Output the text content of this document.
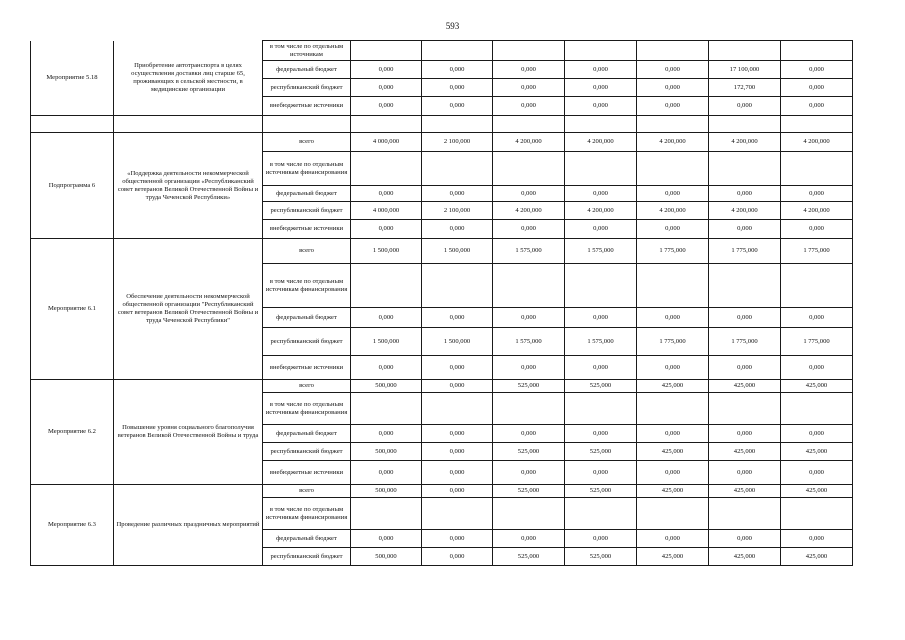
593
Мероприятие 5.18	Приобретение автотранспорта в целях осуществления доставки лиц старше 65, проживающих в сельской местности, в медицинские организации	в том числе по отдельным источникам							
		федеральный бюджет	0,000	0,000	0,000	0,000	0,000	17 100,000	0,000
		республиканский бюджет	0,000	0,000	0,000	0,000	0,000	172,700	0,000
		внебюджетные источники	0,000	0,000	0,000	0,000	0,000	0,000	0,000

Подпрограмма 6	«Поддержка деятельности некоммерческой общественной организации «Республиканский совет ветеранов Великой Отечественной Войны и труда Чеченской Республики»	всего	4 000,000	2 100,000	4 200,000	4 200,000	4 200,000	4 200,000	4 200,000
		в том числе по отдельным источникам финансирования							
		федеральный бюджет	0,000	0,000	0,000	0,000	0,000	0,000	0,000
		республиканский бюджет	4 000,000	2 100,000	4 200,000	4 200,000	4 200,000	4 200,000	4 200,000
		внебюджетные источники	0,000	0,000	0,000	0,000	0,000	0,000	0,000
Мероприятие 6.1	Обеспечение деятельности некоммерческой общественной организации "Республиканский совет ветеранов Великой Отечественной Войны и труда Чеченской Республики"	всего	1 500,000	1 500,000	1 575,000	1 575,000	1 775,000	1 775,000	1 775,000
		в том числе по отдельным источникам финансирования							
		федеральный бюджет	0,000	0,000	0,000	0,000	0,000	0,000	0,000
		республиканский бюджет	1 500,000	1 500,000	1 575,000	1 575,000	1 775,000	1 775,000	1 775,000
		внебюджетные источники	0,000	0,000	0,000	0,000	0,000	0,000	0,000
Мероприятие 6.2	Повышение уровня социального благополучия ветеранов Великой Отечественной Войны и труда	всего	500,000	0,000	525,000	525,000	425,000	425,000	425,000
		в том числе по отдельным источникам финансирования							
		федеральный бюджет	0,000	0,000	0,000	0,000	0,000	0,000	0,000
		республиканский бюджет	500,000	0,000	525,000	525,000	425,000	425,000	425,000
		внебюджетные источники	0,000	0,000	0,000	0,000	0,000	0,000	0,000
Мероприятие 6.3	Проведение различных праздничных мероприятий	всего	500,000	0,000	525,000	525,000	425,000	425,000	425,000
		в том числе по отдельным источникам финансирования							
		федеральный бюджет	0,000	0,000	0,000	0,000	0,000	0,000	0,000
		республиканский бюджет	500,000	0,000	525,000	525,000	425,000	425,000	425,000
